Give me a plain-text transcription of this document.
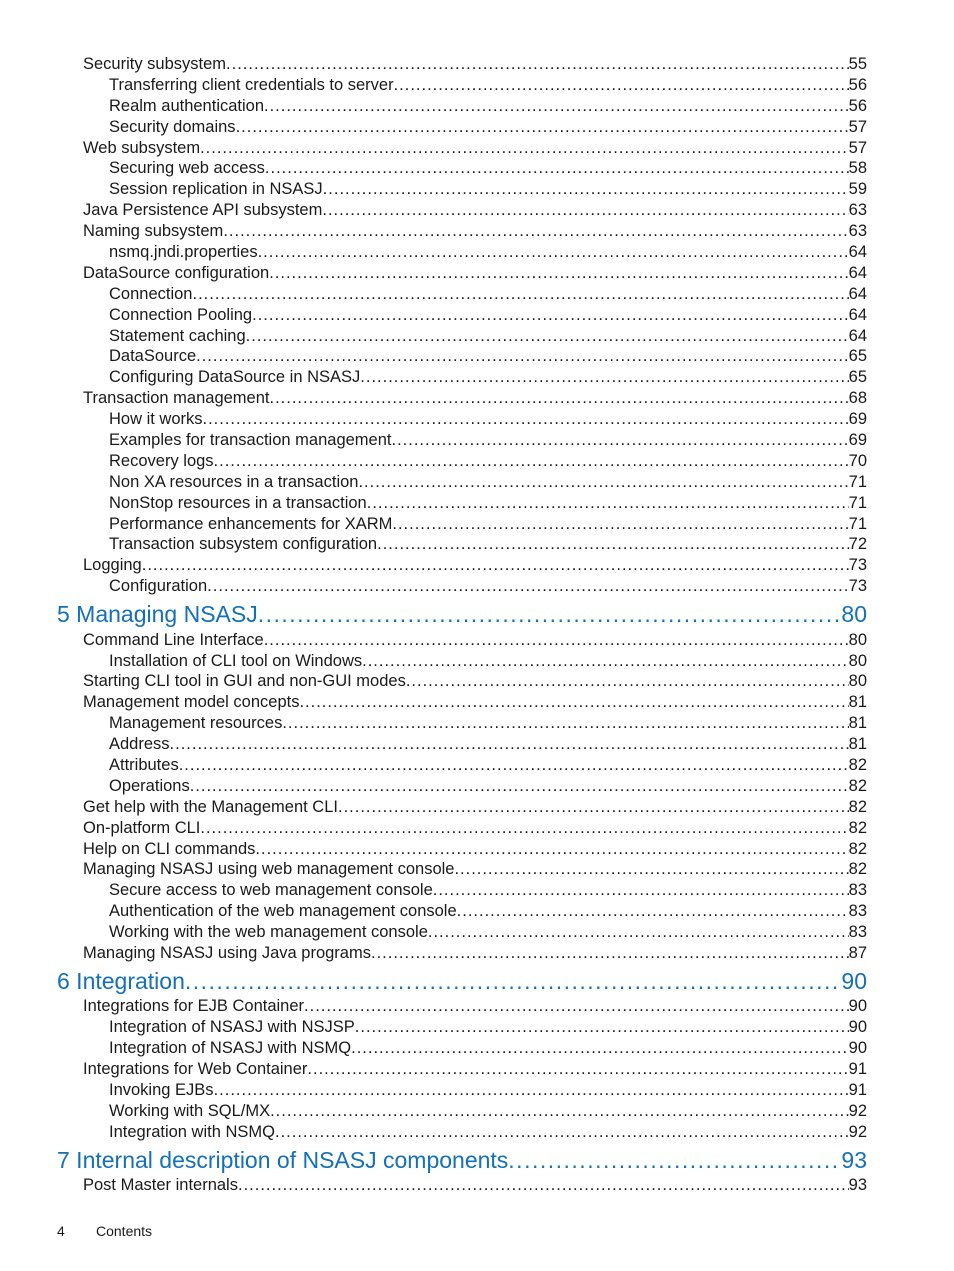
Security subsystem .....	55
Transferring client credentials to server .....	56
Realm authentication .....	56
Security domains .....	57
Web subsystem .....	57
Securing web access .....	58
Session replication in NSASJ .....	59
Java Persistence API subsystem .....	63
Naming subsystem .....	63
nsmq.jndi.properties .....	64
DataSource configuration .....	64
Connection .....	64
Connection Pooling .....	64
Statement caching .....	64
DataSource .....	65
Configuring DataSource in NSASJ .....	65
Transaction management .....	68
How it works .....	69
Examples for transaction management .....	69
Recovery logs .....	70
Non XA resources in a transaction .....	71
NonStop resources in a transaction .....	71
Performance enhancements for XARM .....	71
Transaction subsystem configuration .....	72
Logging .....	73
Configuration .....	73
5 Managing NSASJ .....	80
Command Line Interface .....	80
Installation of CLI tool on Windows .....	80
Starting CLI tool in GUI and non-GUI modes .....	80
Management model concepts .....	81
Management resources .....	81
Address .....	81
Attributes .....	82
Operations .....	82
Get help with the Management CLI .....	82
On-platform CLI .....	82
Help on CLI commands .....	82
Managing NSASJ using web management console .....	82
Secure access to web management console .....	83
Authentication of the web management console .....	83
Working with the web management console .....	83
Managing NSASJ using Java programs .....	87
6 Integration .....	90
Integrations for EJB Container .....	90
Integration of NSASJ with NSJSP .....	90
Integration of NSASJ with NSMQ .....	90
Integrations for Web Container .....	91
Invoking EJBs .....	91
Working with SQL/MX .....	92
Integration with NSMQ .....	92
7 Internal description of NSASJ components .....	93
Post Master internals .....	93
4 Contents
